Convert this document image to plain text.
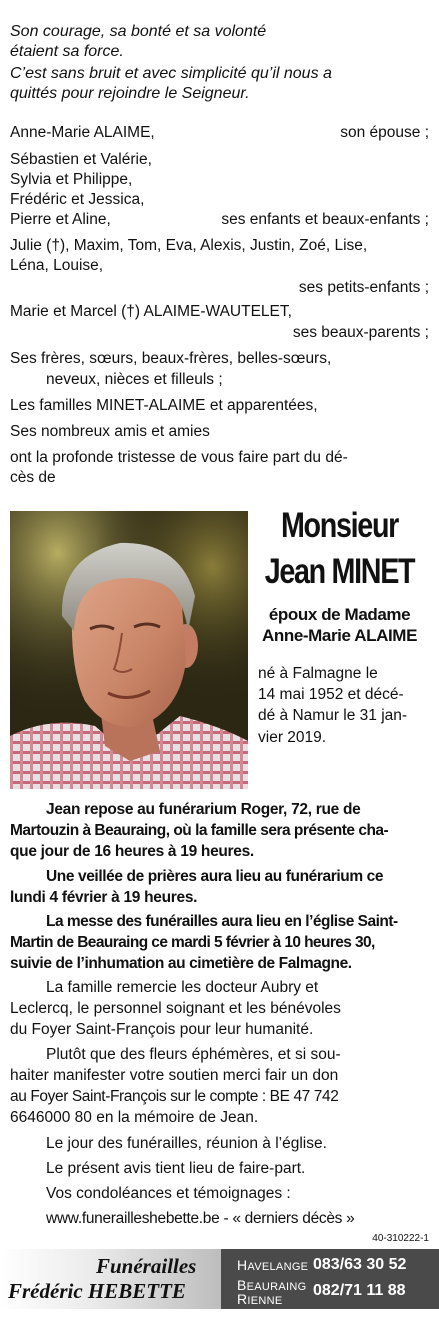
Son courage, sa bonté et sa volonté
étaient sa force.
C’est sans bruit et avec simplicité qu’il nous a
quittés pour rejoindre le Seigneur.
Anne-Marie ALAIME,	son épouse ;
Sébastien et Valérie,
Sylvia et Philippe,
Frédéric et Jessica,
Pierre et Aline,	ses enfants et beaux-enfants ;
Julie (†), Maxim, Tom, Eva, Alexis, Justin, Zoé, Lise,
Léna, Louise,
ses petits-enfants ;
Marie et Marcel (†) ALAIME-WAUTELET,
ses beaux-parents ;
Ses frères, sœurs, beaux-frères, belles-sœurs,
neveux, nièces et filleuls ;
Les familles MINET-ALAIME et apparentées,
Ses nombreux amis et amies
ont la profonde tristesse de vous faire part du dé-
cès de
Monsieur
Jean MINET
époux de Madame
Anne-Marie ALAIME
né à Falmagne le
14 mai 1952 et décé-
dé à Namur le 31 jan-
vier 2019.
Jean repose au funérarium Roger, 72, rue de
Martouzin à Beauraing, où la famille sera présente cha-
que jour de 16 heures à 19 heures.
Une veillée de prières aura lieu au funérarium ce
lundi 4 février à 19 heures.
La messe des funérailles aura lieu en l’église Saint-
Martin de Beauraing ce mardi 5 février à 10 heures 30,
suivie de l’inhumation au cimetière de Falmagne.
La famille remercie les docteur Aubry et
Leclercq, le personnel soignant et les bénévoles
du Foyer Saint-François pour leur humanité.
Plutôt que des fleurs éphémères, et si sou-
haiter manifester votre soutien merci fair un don
au Foyer Saint-François sur le compte : BE 47 742
6646000 80 en la mémoire de Jean.
Le jour des funérailles, réunion à l’église.
Le présent avis tient lieu de faire-part.
Vos condoléances et témoignages :
www.funerailleshebette.be - « derniers décès »
40-310222-1
Funérailles
Frédéric HEBETTE
HAVELANGE 083/63 30 52
BEAURAING
RIENNE
082/71 11 88
